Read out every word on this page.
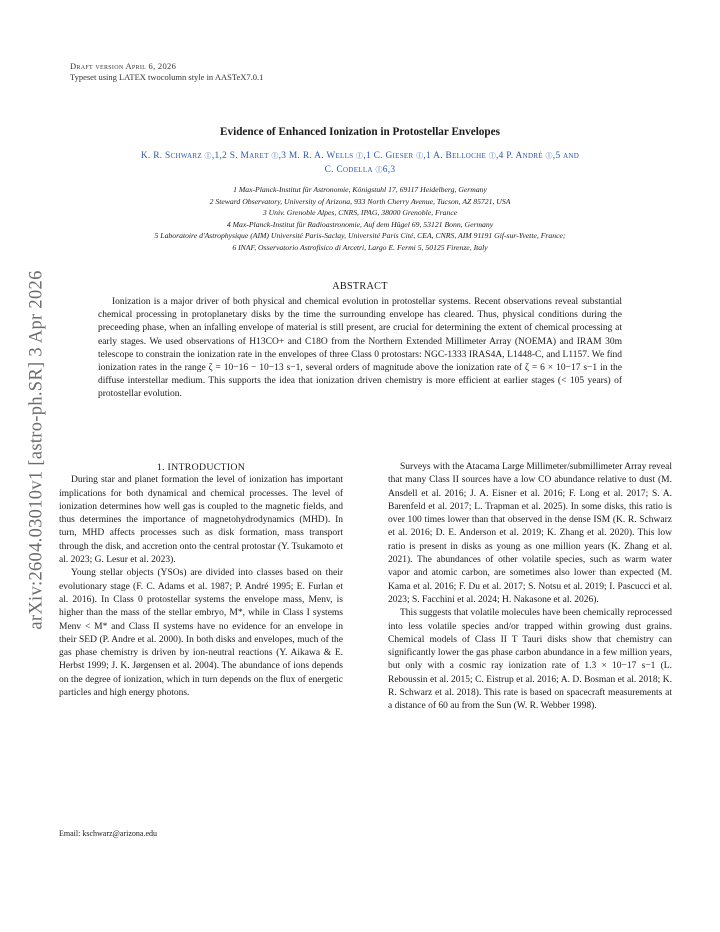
arXiv:2604.03010v1 [astro-ph.SR] 3 Apr 2026
Draft version April 6, 2026
Typeset using LATEX twocolumn style in AASTeX7.0.1
Evidence of Enhanced Ionization in Protostellar Envelopes
K. R. Schwarz ⓘ,1,2 S. Maret ⓘ,3 M. R. A. Wells ⓘ,1 C. Gieser ⓘ,1 A. Belloche ⓘ,4 P. André ⓘ,5 and
C. Codella ⓘ6,3
1 Max-Planck-Institut für Astronomie, Königstuhl 17, 69117 Heidelberg, Germany
2 Steward Observatory, University of Arizona, 933 North Cherry Avenue, Tucson, AZ 85721, USA
3 Univ. Grenoble Alpes, CNRS, IPAG, 38000 Grenoble, France
4 Max-Planck-Institut für Radioastronomie, Auf dem Hügel 69, 53121 Bonn, Germany
5 Laboratoire d'Astrophysique (AIM) Université Paris-Saclay, Université Paris Cité, CEA, CNRS, AIM 91191 Gif-sur-Yvette, France;
6 INAF, Osservatorio Astrofisico di Arcetri, Largo E. Fermi 5, 50125 Firenze, Italy
ABSTRACT

Ionization is a major driver of both physical and chemical evolution in protostellar systems. Recent observations reveal substantial chemical processing in protoplanetary disks by the time the surrounding envelope has cleared. Thus, physical conditions during the preceeding phase, when an infalling envelope of material is still present, are crucial for determining the extent of chemical processing at early stages. We used observations of H13CO+ and C18O from the Northern Extended Millimeter Array (NOEMA) and IRAM 30m telescope to constrain the ionization rate in the envelopes of three Class 0 protostars: NGC-1333 IRAS4A, L1448-C, and L1157. We find ionization rates in the range ζ = 10−16 − 10−13 s−1, several orders of magnitude above the ionization rate of ζ = 6 × 10−17 s−1 in the diffuse interstellar medium. This supports the idea that ionization driven chemistry is more efficient at earlier stages (< 105 years) of protostellar evolution.

1. INTRODUCTION

During star and planet formation the level of ionization has important implications for both dynamical and chemical processes. The level of ionization determines how well gas is coupled to the magnetic fields, and thus determines the importance of magnetohydrodynamics (MHD). In turn, MHD affects processes such as disk formation, mass transport through the disk, and accretion onto the central protostar (Y. Tsukamoto et al. 2023; G. Lesur et al. 2023).

Young stellar objects (YSOs) are divided into classes based on their evolutionary stage (F. C. Adams et al. 1987; P. André 1995; E. Furlan et al. 2016). In Class 0 protostellar systems the envelope mass, Menv, is higher than the mass of the stellar embryo, M*, while in Class I systems Menv < M* and Class II systems have no evidence for an envelope in their SED (P. Andre et al. 2000). In both disks and envelopes, much of the gas phase chemistry is driven by ion-neutral reactions (Y. Aikawa & E. Herbst 1999; J. K. Jørgensen et al. 2004). The abundance of ions depends on the degree of ionization, which in turn depends on the flux of energetic particles and high energy photons.

Surveys with the Atacama Large Millimeter/submillimeter Array reveal that many Class II sources have a low CO abundance relative to dust (M. Ansdell et al. 2016; J. A. Eisner et al. 2016; F. Long et al. 2017; S. A. Barenfeld et al. 2017; L. Trapman et al. 2025). In some disks, this ratio is over 100 times lower than that observed in the dense ISM (K. R. Schwarz et al. 2016; D. E. Anderson et al. 2019; K. Zhang et al. 2020). This low ratio is present in disks as young as one million years (K. Zhang et al. 2021). The abundances of other volatile species, such as warm water vapor and atomic carbon, are sometimes also lower than expected (M. Kama et al. 2016; F. Du et al. 2017; S. Notsu et al. 2019; I. Pascucci et al. 2023; S. Facchini et al. 2024; H. Nakasone et al. 2026).

This suggests that volatile molecules have been chemically reprocessed into less volatile species and/or trapped within growing dust grains. Chemical models of Class II T Tauri disks show that chemistry can significantly lower the gas phase carbon abundance in a few million years, but only with a cosmic ray ionization rate of 1.3 × 10−17 s−1 (L. Reboussin et al. 2015; C. Eistrup et al. 2016; A. D. Bosman et al. 2018; K. R. Schwarz et al. 2018). This rate is based on spacecraft measurements at a distance of 60 au from the Sun (W. R. Webber 1998).

Email: kschwarz@arizona.edu
